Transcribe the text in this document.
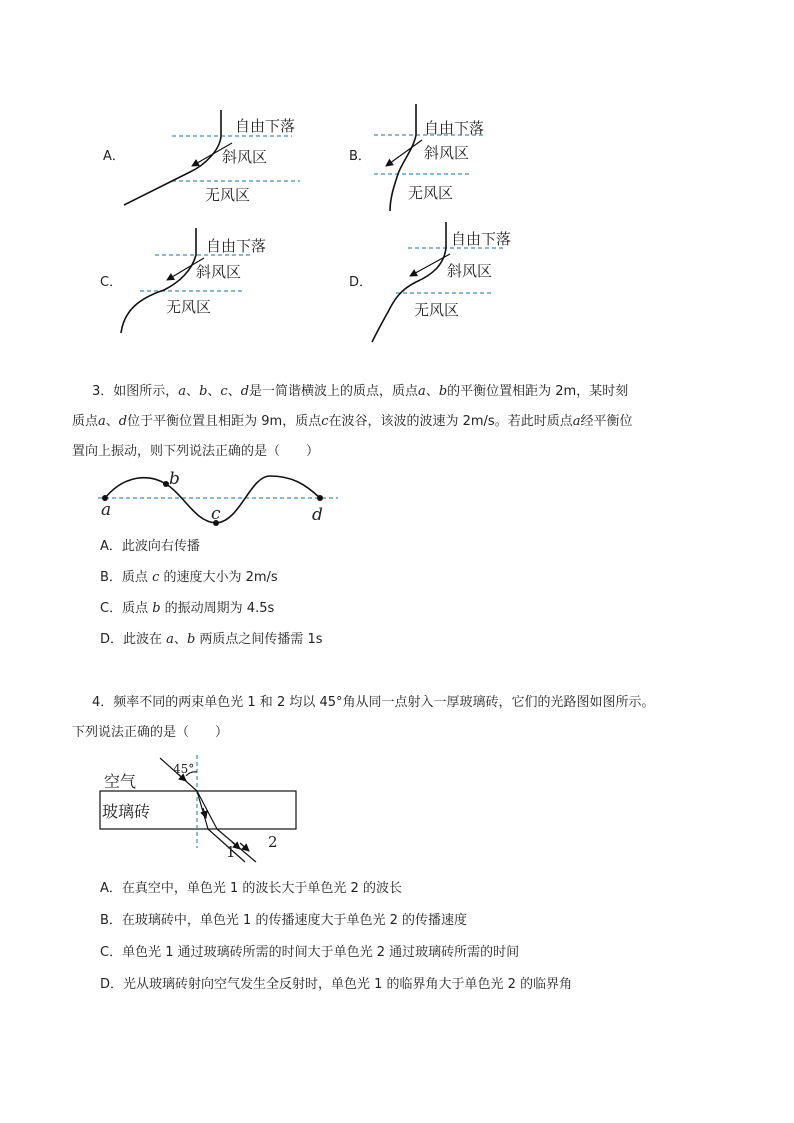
A．
自由下落
斜风区
无风区
B．
自由下落
斜风区
无风区
C．
自由下落
斜风区
无风区
D．
自由下落
斜风区
无风区
3．如图所示，a、b、c、d是一简谐横波上的质点，质点a、b的平衡位置相距为 2m，某时刻
质点a、d位于平衡位置且相距为 9m，质点c在波谷，该波的波速为 2m/s。若此时质点a经平衡位
置向上振动，则下列说法正确的是（　　）
a
b
c	d
A．此波向右传播
B．质点 c 的速度大小为 2m/s
C．质点 b 的振动周期为 4.5s
D．此波在 a、b 两质点之间传播需 1s
4．频率不同的两束单色光 1 和 2 均以 45°角从同一点射入一厚玻璃砖，它们的光路图如图所示。
下列说法正确的是（　　）
空气
45°
玻璃砖
1
2
A．在真空中，单色光 1 的波长大于单色光 2 的波长
B．在玻璃砖中，单色光 1 的传播速度大于单色光 2 的传播速度
C．单色光 1 通过玻璃砖所需的时间大于单色光 2 通过玻璃砖所需的时间
D．光从玻璃砖射向空气发生全反射时，单色光 1 的临界角大于单色光 2 的临界角
